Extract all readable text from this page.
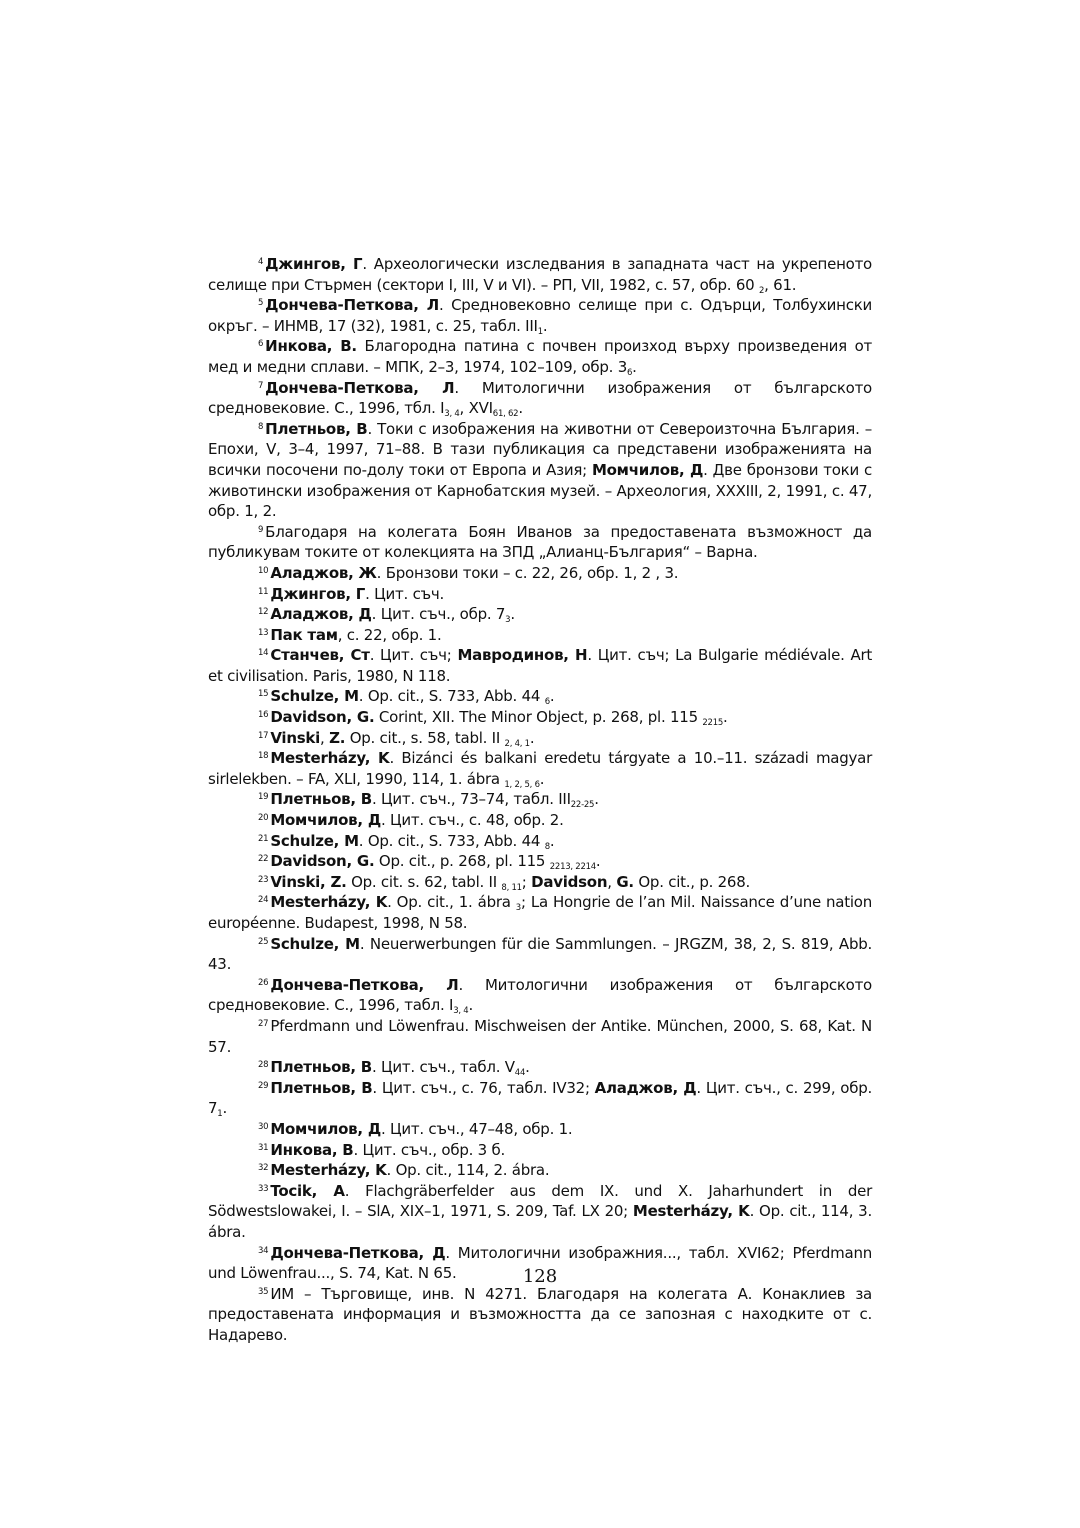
$^4$ Джингов, Г. Археологически изследвания в западната част на укрепеното селище при Стърмен (сектори I, III, V и VI). – РП, VII, 1982, с. 57, обр. 60 $_2$, 61.

$^5$ Дончева-Петкова, Л. Средновековно селище при с. Одърци, Толбухински окръг. – ИНМВ, 17 (32), 1981, с. 25, табл. $III_1$.

$^6$ Инкова, В. Благородна патина с почвен произход върху произведения от мед и медни сплави. – МПК, 2–3, 1974, 102–109, обр. $3_6$.

$^7$ Дончева-Петкова, Л. Митологични изображения от българското средновековие. С., 1996, тбл. $I_{3, 4}$, $XVI_{61, 62}$.

$^8$ Плетньов, В. Токи с изображения на животни от Североизточна България. – Епохи, V, 3–4, 1997, 71–88. В тази публикация са представени изображенията на всички посочени по-долу токи от Европа и Азия; Момчилов, Д. Две бронзови токи с животински изображения от Карнобатския музей. – Археология, XXXIII, 2, 1991, с. 47, обр. 1, 2.

$^9$ Благодаря на колегата Боян Иванов за предоставената възможност да публикувам токите от колекцията на ЗПД „Алианц-България“ – Варна.

$^{10}$ Аладжов, Ж. Бронзови токи – с. 22, 26, обр. 1, 2 , 3.

$^{11}$ Джингов, Г. Цит. съч.

$^{12}$ Аладжов, Д. Цит. съч., обр. $7_3$.

$^{13}$ Пак там, с. 22, обр. 1.

$^{14}$ Станчев, Ст. Цит. съч; Мавродинов, Н. Цит. съч; La Bulgarie médiévale. Art et civilisation. Paris, 1980, N 118.

$^{15}$ Schulze, M. Op. cit., S. 733, Abb. 44 $_6$.

$^{16}$ Davidson, G. Corint, XII. The Minor Object, p. 268, pl. 115 $_{2215}$.

$^{17}$ Vinski, Z. Op. cit., s. 58, tabl. II $_{2, 4, 1}$.

$^{18}$ Mesterházy, K. Bizánci és balkani eredetu tárgyate a 10.–11. századi magyar sirlelekben. – FA, XLI, 1990, 114, 1. ábra $_{1, 2, 5, 6}$.

$^{19}$ Плетньов, В. Цит. съч., 73–74, табл. $III_{22-25}$.

$^{20}$ Момчилов, Д. Цит. съч., с. 48, обр. 2.

$^{21}$ Schulze, M. Op. cit., S. 733, Abb. 44 $_8$.

$^{22}$ Davidson, G. Op. cit., p. 268, pl. 115 $_{2213, 2214}$.

$^{23}$ Vinski, Z. Op. cit. s. 62, tabl. II $_{8, 11}$; Davidson, G. Op. cit., p. 268.

$^{24}$ Mesterházy, K. Op. cit., 1. ábra $_3$; La Hongrie de l’an Mil. Naissance d’une nation européenne. Budapest, 1998, N 58.

$^{25}$ Schulze, M. Neuerwerbungen für die Sammlungen. – JRGZM, 38, 2, S. 819, Abb. 43.

$^{26}$ Дончева-Петкова, Л. Митологични изображения от българското средновековие. С., 1996, табл. $I_{3, 4}$.

$^{27}$ Pferdmann und Löwenfrau. Mischweisen der Antike. München, 2000, S. 68, Kat. N 57.

$^{28}$ Плетньов, В. Цит. съч., табл. $V_{44}$.

$^{29}$ Плетньов, В. Цит. съч., с. 76, табл. IV32; Аладжов, Д. Цит. съч., с. 299, обр. $7_1$.

$^{30}$ Момчилов, Д. Цит. съч., 47–48, обр. 1.

$^{31}$ Инкова, В. Цит. съч., обр. 3 б.

$^{32}$ Mesterházy, K. Op. cit., 114, 2. ábra.

$^{33}$ Tocik, A. Flachgräberfelder aus dem IX. und X. Jaharhundert in der Södwestslowakei, I. – SlA, XIX–1, 1971, S. 209, Taf. LX 20; Mesterházy, K. Op. cit., 114, 3. ábra.

$^{34}$ Дончева-Петкова, Д. Митологични изображния..., табл. XVI62; Pferdmann und Löwenfrau..., S. 74, Kat. N 65.

$^{35}$ ИМ – Търговище, инв. N 4271. Благодаря на колегата А. Конаклиев за предоставената информация и възможността да се запозная с находките от с. Надарево.

128
